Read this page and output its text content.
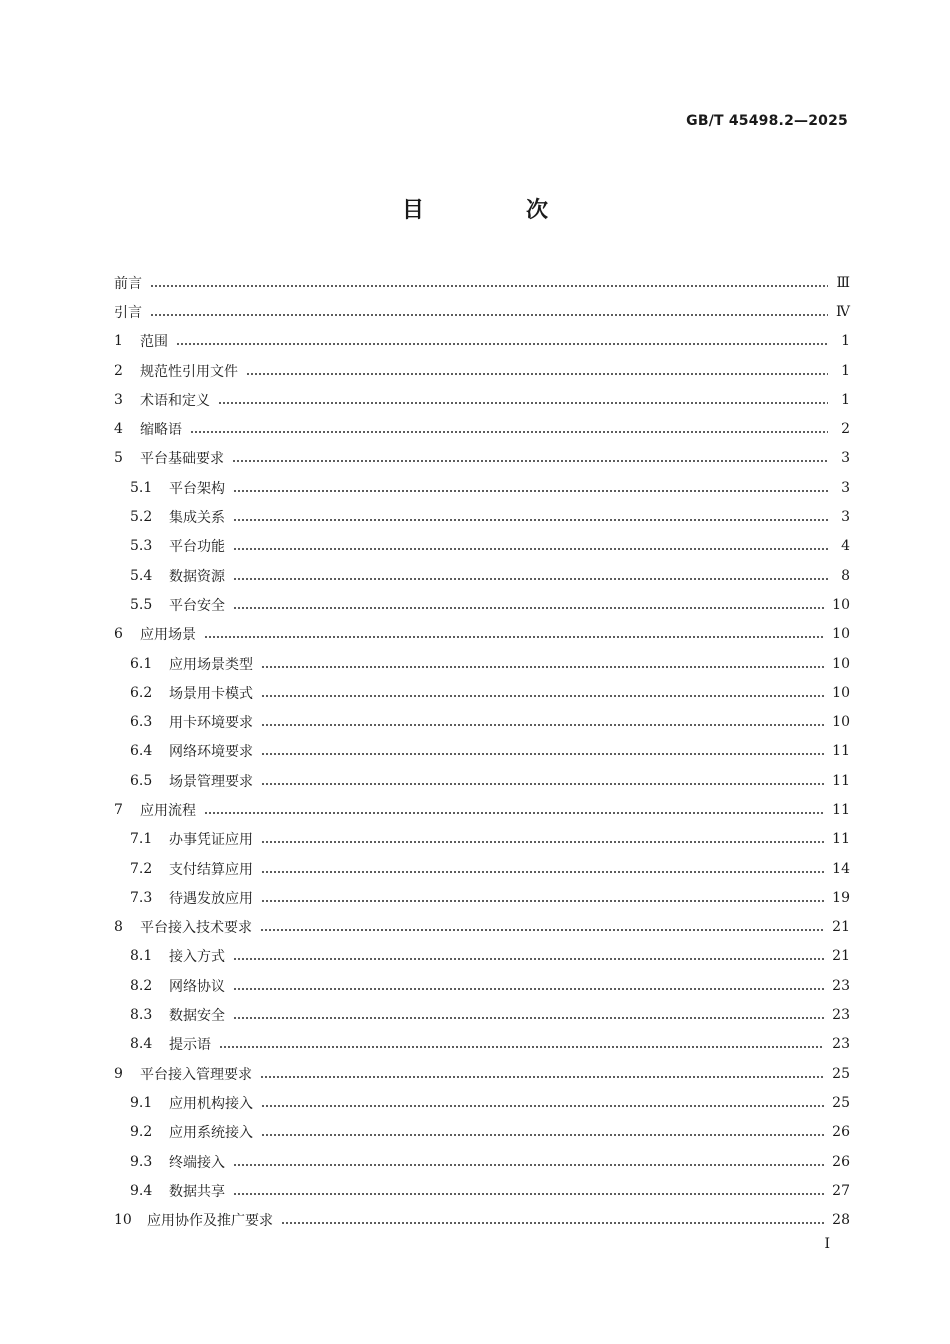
GB/T 45498.2—2025
目　次
前言	Ⅲ
引言	Ⅳ
1	范围	1
2	规范性引用文件	1
3	术语和定义	1
4	缩略语	2
5	平台基础要求	3
5.1	平台架构	3
5.2	集成关系	3
5.3	平台功能	4
5.4	数据资源	8
5.5	平台安全	10
6	应用场景	10
6.1	应用场景类型	10
6.2	场景用卡模式	10
6.3	用卡环境要求	10
6.4	网络环境要求	11
6.5	场景管理要求	11
7	应用流程	11
7.1	办事凭证应用	11
7.2	支付结算应用	14
7.3	待遇发放应用	19
8	平台接入技术要求	21
8.1	接入方式	21
8.2	网络协议	23
8.3	数据安全	23
8.4	提示语	23
9	平台接入管理要求	25
9.1	应用机构接入	25
9.2	应用系统接入	26
9.3	终端接入	26
9.4	数据共享	27
10	应用协作及推广要求	28
Ⅰ
